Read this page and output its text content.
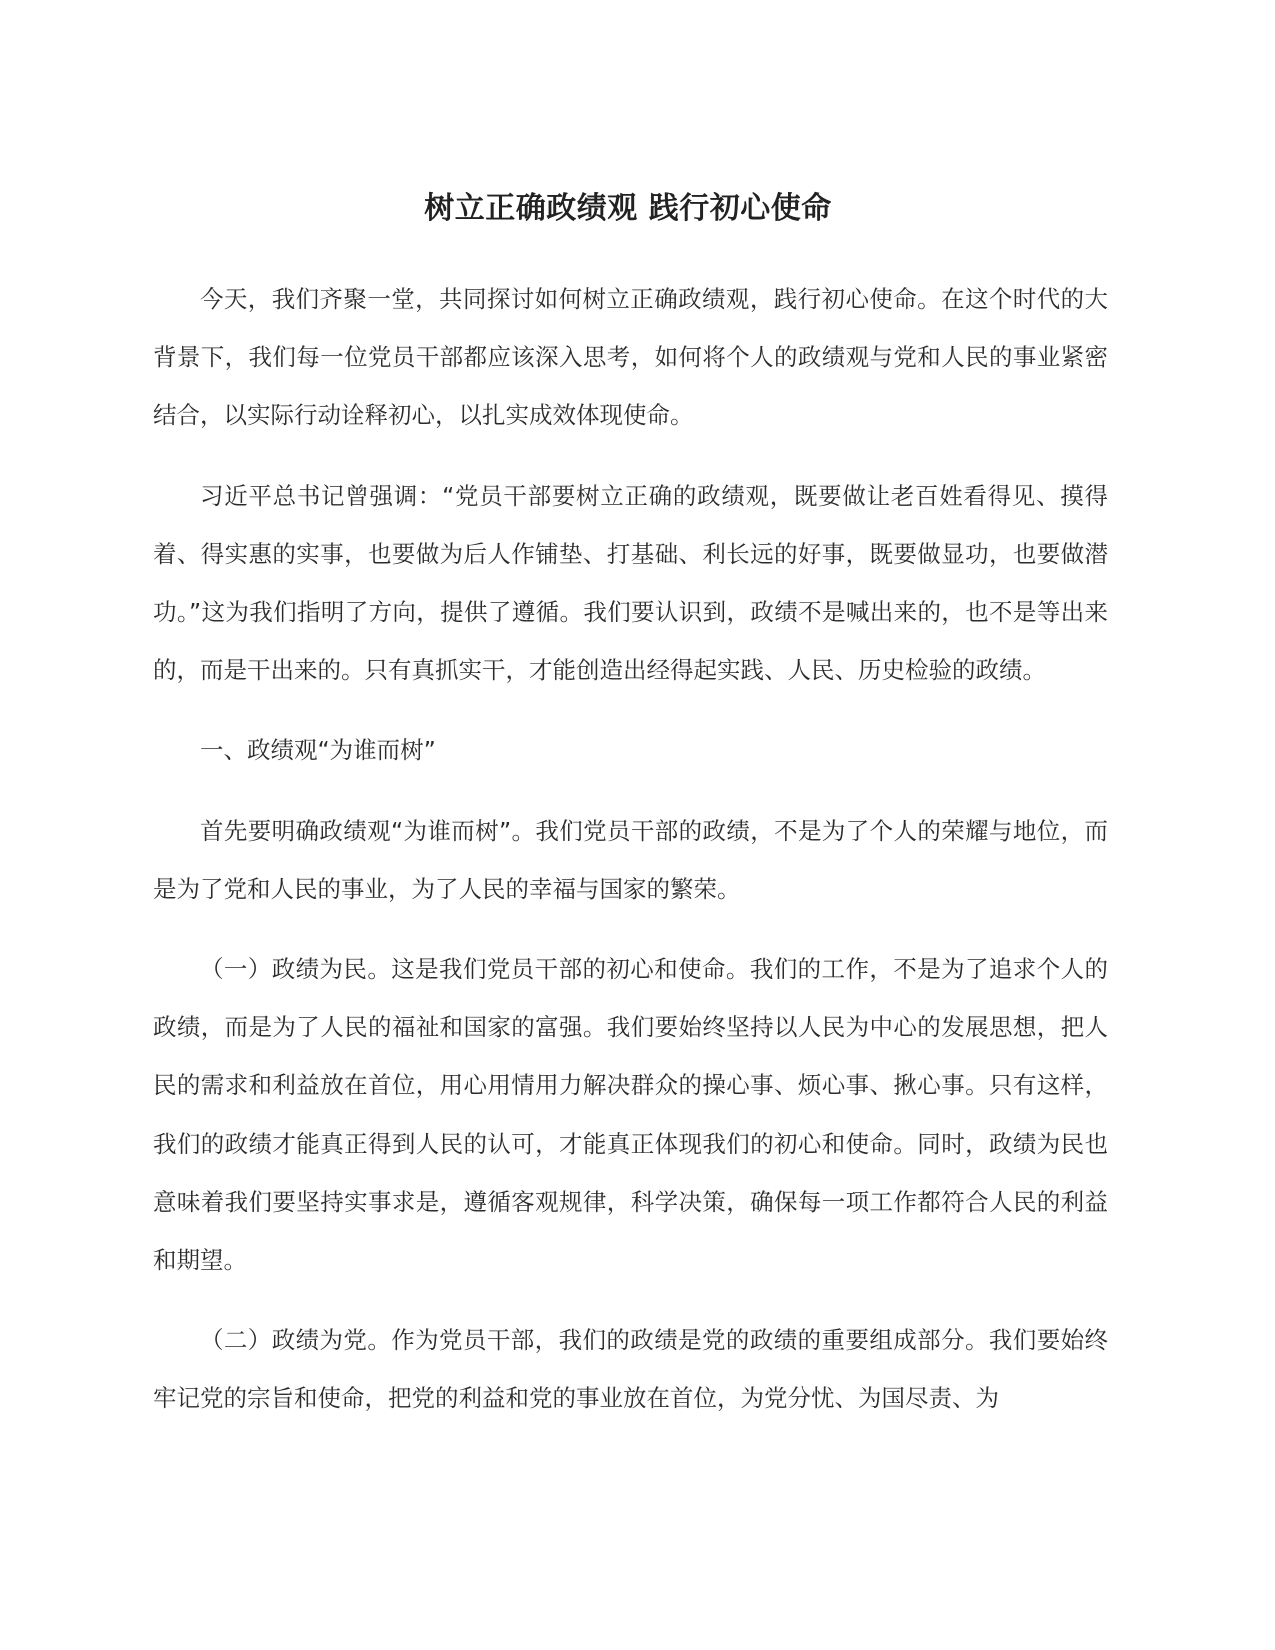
树立正确政绩观 践行初心使命

今天，我们齐聚一堂，共同探讨如何树立正确政绩观，践行初心使命。在这个时代的大背景下，我们每一位党员干部都应该深入思考，如何将个人的政绩观与党和人民的事业紧密结合，以实际行动诠释初心，以扎实成效体现使命。

习近平总书记曾强调：“党员干部要树立正确的政绩观，既要做让老百姓看得见、摸得着、得实惠的实事，也要做为后人作铺垫、打基础、利长远的好事，既要做显功，也要做潜功。”这为我们指明了方向，提供了遵循。我们要认识到，政绩不是喊出来的，也不是等出来的，而是干出来的。只有真抓实干，才能创造出经得起实践、人民、历史检验的政绩。

一、政绩观“为谁而树”

首先要明确政绩观“为谁而树”。我们党员干部的政绩，不是为了个人的荣耀与地位，而是为了党和人民的事业，为了人民的幸福与国家的繁荣。

（一）政绩为民。这是我们党员干部的初心和使命。我们的工作，不是为了追求个人的政绩，而是为了人民的福祉和国家的富强。我们要始终坚持以人民为中心的发展思想，把人民的需求和利益放在首位，用心用情用力解决群众的操心事、烦心事、揪心事。只有这样，我们的政绩才能真正得到人民的认可，才能真正体现我们的初心和使命。同时，政绩为民也意味着我们要坚持实事求是，遵循客观规律，科学决策，确保每一项工作都符合人民的利益和期望。

（二）政绩为党。作为党员干部，我们的政绩是党的政绩的重要组成部分。我们要始终牢记党的宗旨和使命，把党的利益和党的事业放在首位，为党分忧、为国尽责、为
